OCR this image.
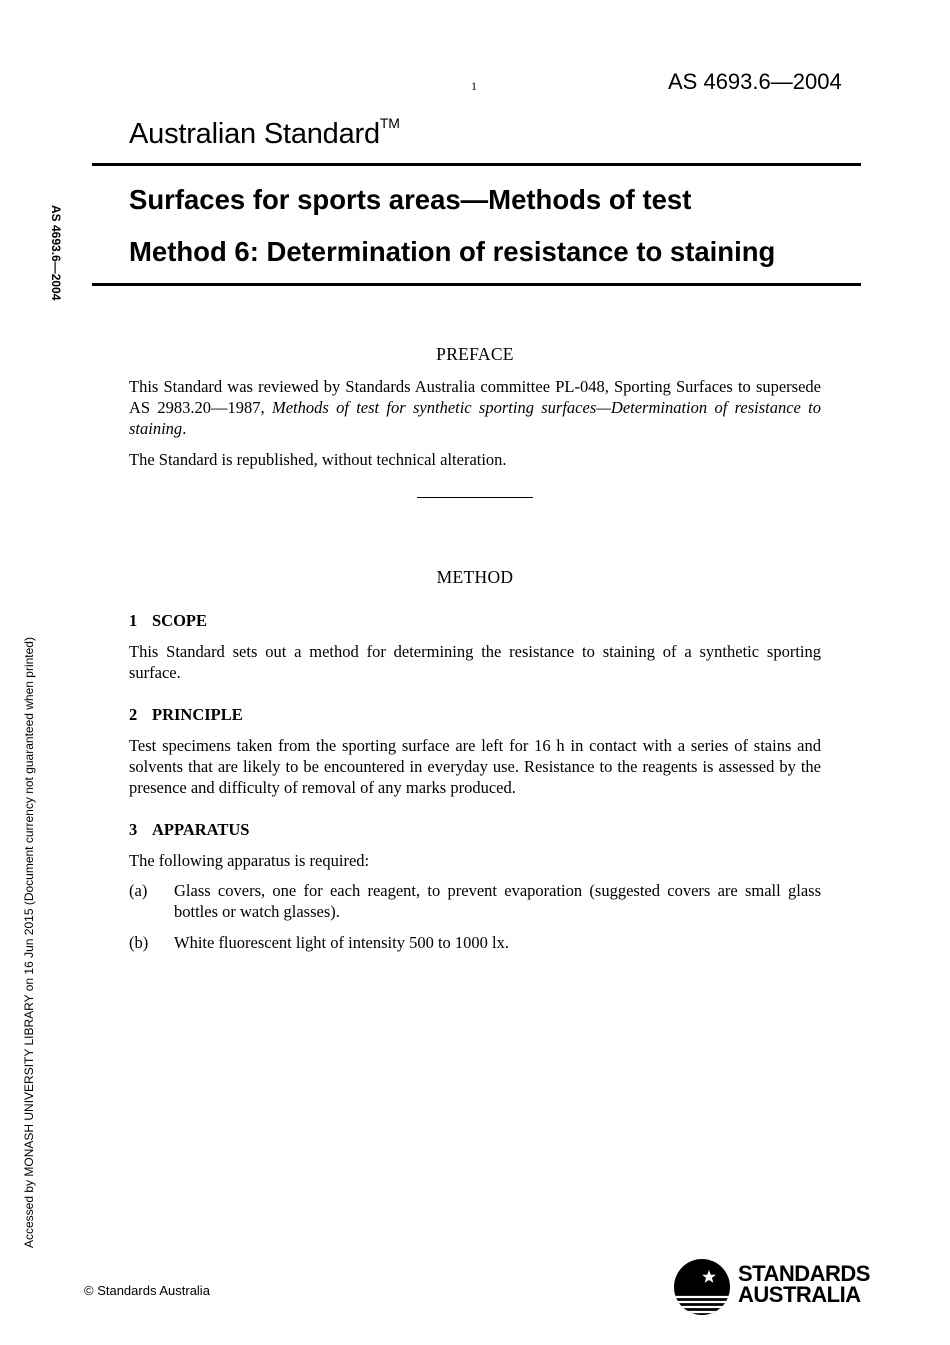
1	AS 4693.6—2004
Australian Standard™
Surfaces for sports areas—Methods of test
Method 6: Determination of resistance to staining
AS 4693.6—2004
Accessed by MONASH UNIVERSITY LIBRARY on 16 Jun 2015 (Document currency not guaranteed when printed)
PREFACE
This Standard was reviewed by Standards Australia committee PL-048, Sporting Surfaces to supersede AS 2983.20—1987, Methods of test for synthetic sporting surfaces—Determination of resistance to staining.
The Standard is republished, without technical alteration.
METHOD
1 SCOPE
This Standard sets out a method for determining the resistance to staining of a synthetic sporting surface.
2 PRINCIPLE
Test specimens taken from the sporting surface are left for 16 h in contact with a series of stains and solvents that are likely to be encountered in everyday use. Resistance to the reagents is assessed by the presence and difficulty of removal of any marks produced.
3 APPARATUS
The following apparatus is required:
(a) Glass covers, one for each reagent, to prevent evaporation (suggested covers are small glass bottles or watch glasses).
(b) White fluorescent light of intensity 500 to 1000 lx.
© Standards Australia
STANDARDS
AUSTRALIA
